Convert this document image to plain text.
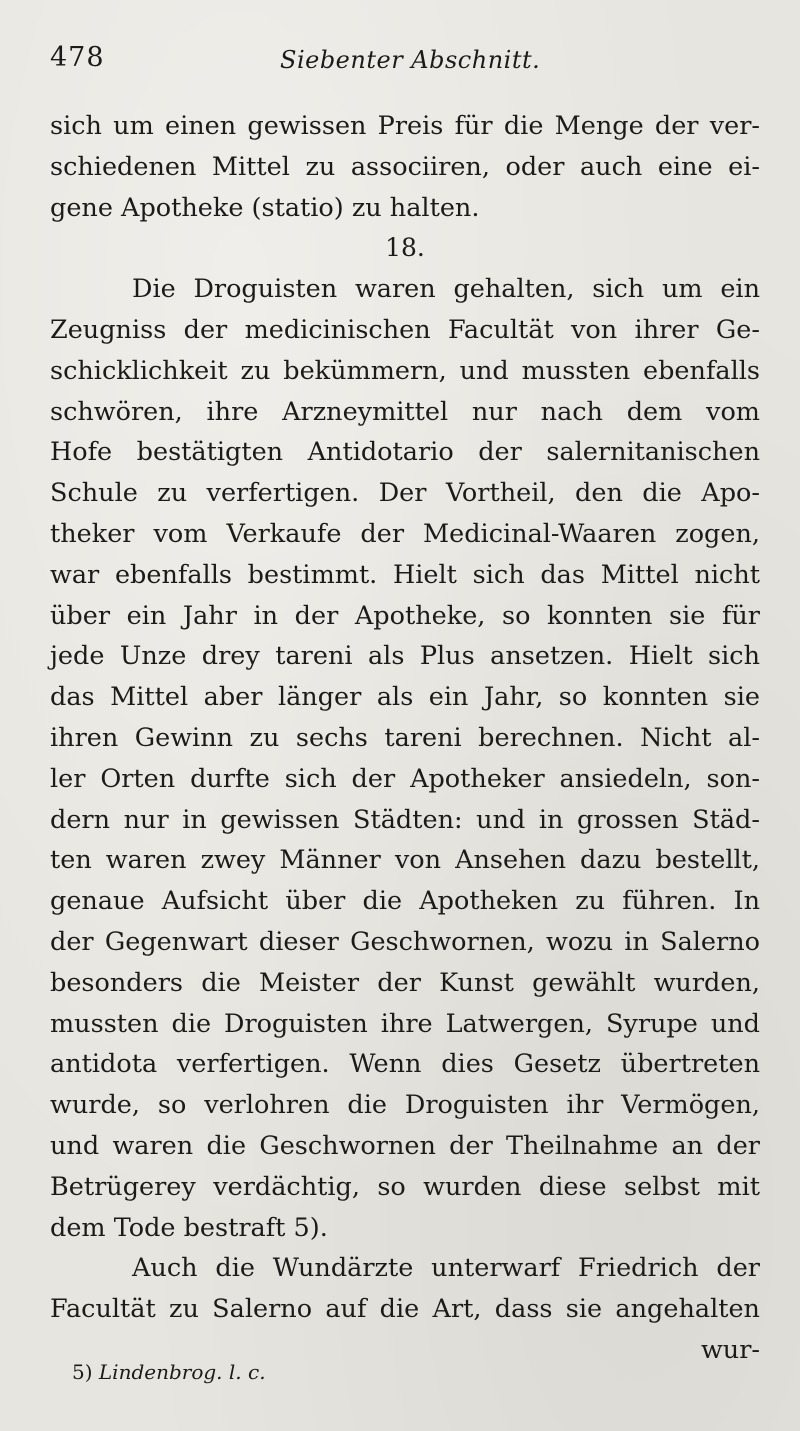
478	Siebenter Abschnitt.
sich um einen gewissen Preis für die Menge der ver-
schiedenen Mittel zu associiren, oder auch eine ei-
gene Apotheke (statio) zu halten.
18.
Die Droguisten waren gehalten, sich um ein
Zeugniss der medicinischen Facultät von ihrer Ge-
schicklichkeit zu bekümmern, und mussten ebenfalls
schwören, ihre Arzneymittel nur nach dem vom
Hofe bestätigten Antidotario der salernitanischen
Schule zu verfertigen. Der Vortheil, den die Apo-
theker vom Verkaufe der Medicinal-Waaren zogen,
war ebenfalls bestimmt. Hielt sich das Mittel nicht
über ein Jahr in der Apotheke, so konnten sie für
jede Unze drey tareni als Plus ansetzen. Hielt sich
das Mittel aber länger als ein Jahr, so konnten sie
ihren Gewinn zu sechs tareni berechnen. Nicht al-
ler Orten durfte sich der Apotheker ansiedeln, son-
dern nur in gewissen Städten: und in grossen Städ-
ten waren zwey Männer von Ansehen dazu bestellt,
genaue Aufsicht über die Apotheken zu führen. In
der Gegenwart dieser Geschwornen, wozu in Salerno
besonders die Meister der Kunst gewählt wurden,
mussten die Droguisten ihre Latwergen, Syrupe und
antidota verfertigen. Wenn dies Gesetz übertreten
wurde, so verlohren die Droguisten ihr Vermögen,
und waren die Geschwornen der Theilnahme an der
Betrügerey verdächtig, so wurden diese selbst mit
dem Tode bestraft 5).
Auch die Wundärzte unterwarf Friedrich der
Facultät zu Salerno auf die Art, dass sie angehalten
wur-
5) Lindenbrog. l. c.
